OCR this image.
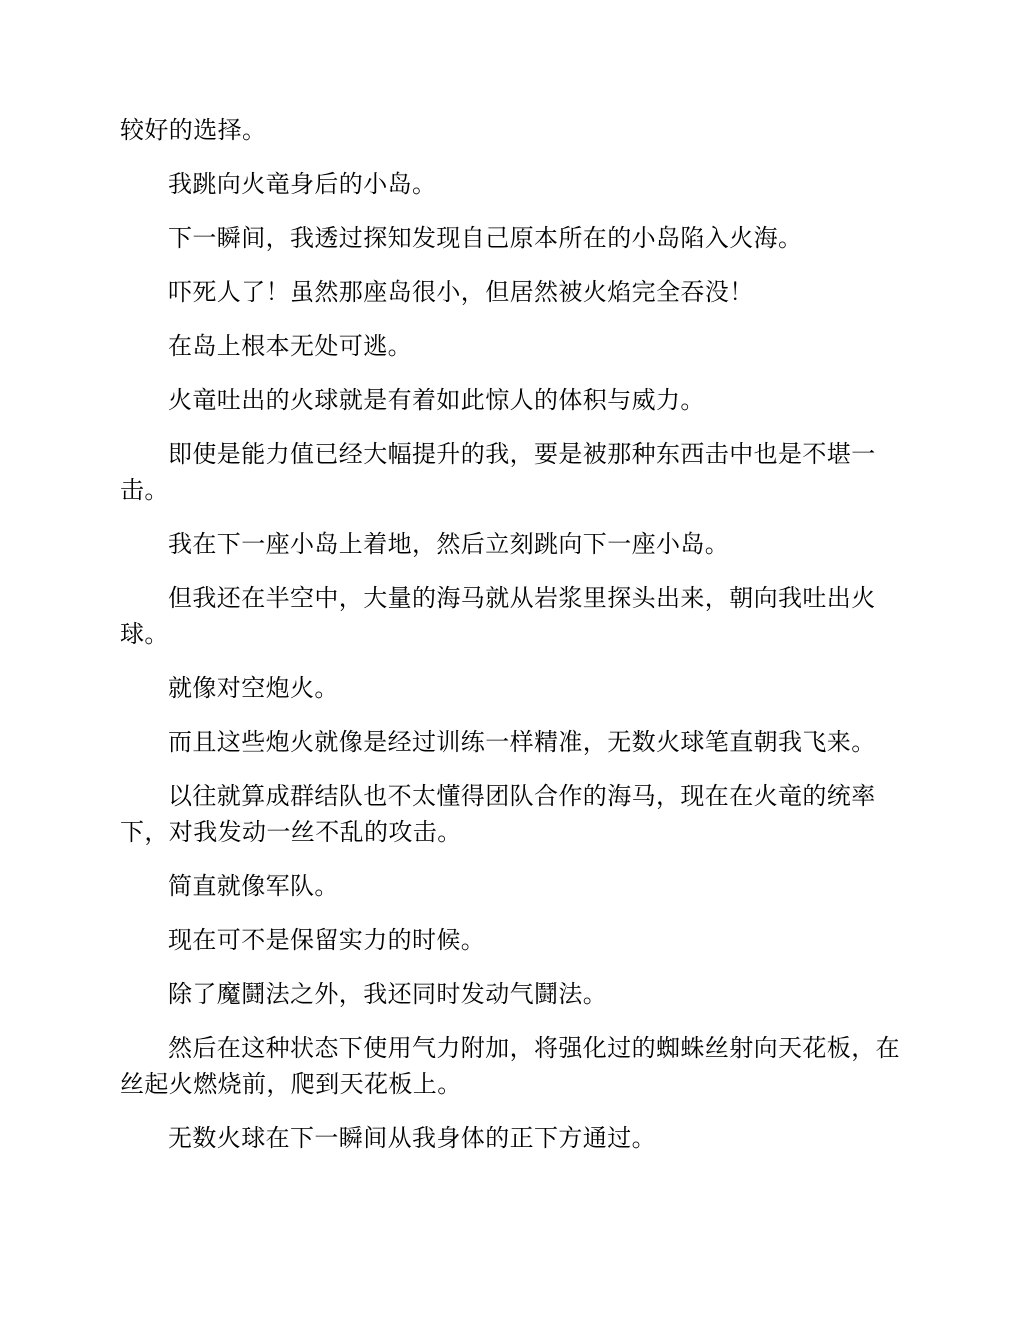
较好的选择。

我跳向火竜身后的小岛。

下一瞬间，我透过探知发现自己原本所在的小岛陷入火海。

吓死人了！虽然那座岛很小，但居然被火焰完全吞没！

在岛上根本无处可逃。

火竜吐出的火球就是有着如此惊人的体积与威力。

即使是能力值已经大幅提升的我，要是被那种东西击中也是不堪一击。

我在下一座小岛上着地，然后立刻跳向下一座小岛。

但我还在半空中，大量的海马就从岩浆里探头出来，朝向我吐出火球。

就像对空炮火。

而且这些炮火就像是经过训练一样精准，无数火球笔直朝我飞来。

以往就算成群结队也不太懂得团队合作的海马，现在在火竜的统率下，对我发动一丝不乱的攻击。

简直就像军队。

现在可不是保留实力的时候。

除了魔鬪法之外，我还同时发动气鬪法。

然后在这种状态下使用气力附加，将强化过的蜘蛛丝射向天花板，在丝起火燃烧前，爬到天花板上。

无数火球在下一瞬间从我身体的正下方通过。
